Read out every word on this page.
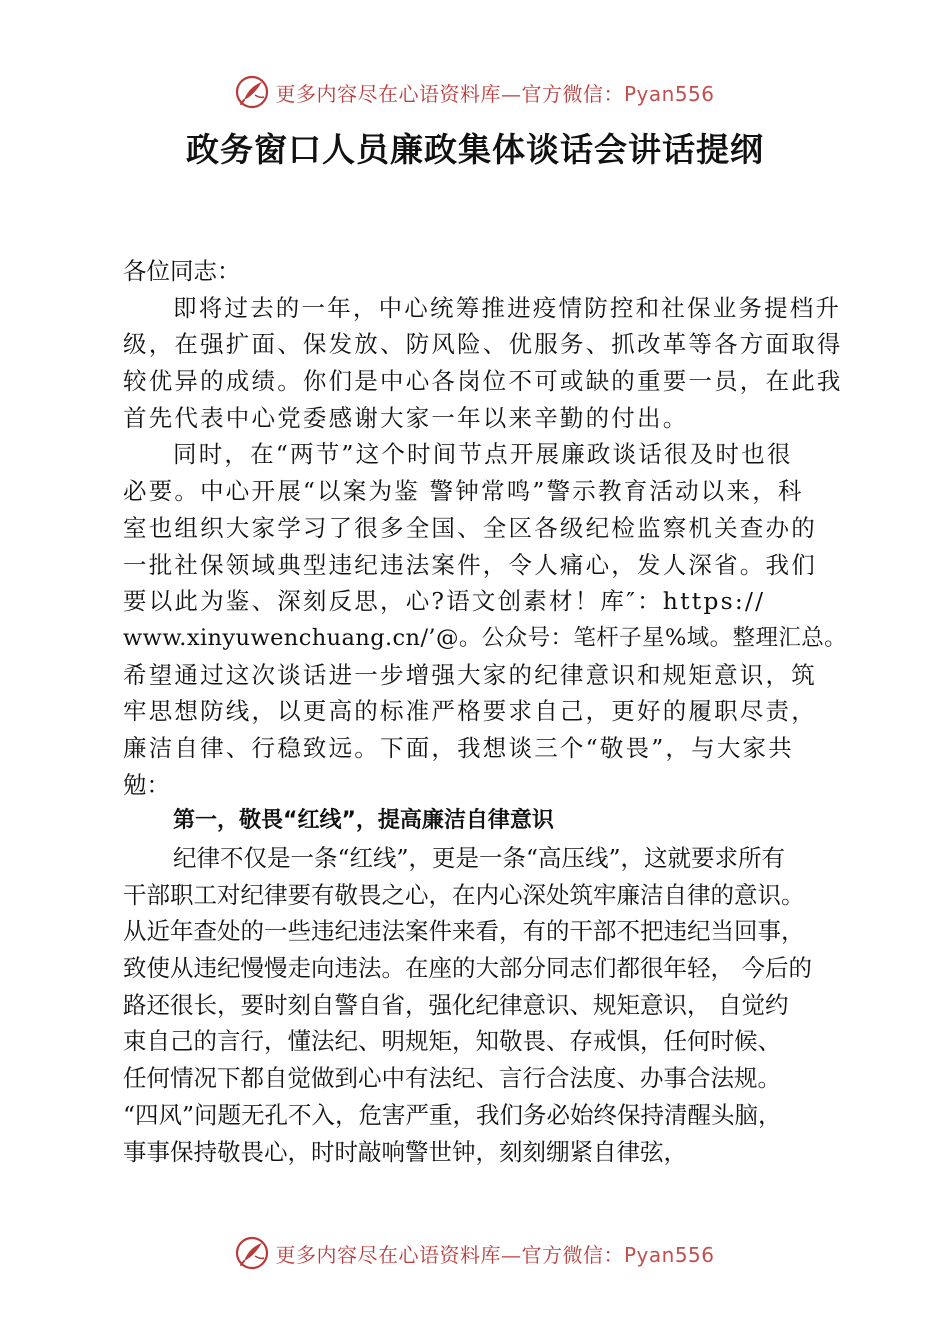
更多内容尽在心语资料库—官方微信：Pyan556
政务窗口人员廉政集体谈话会讲话提纲
各位同志：
即将过去的一年，中心统筹推进疫情防控和社保业务提档升
级，在强扩面、保发放、防风险、优服务、抓改革等各方面取得
较优异的成绩。你们是中心各岗位不可或缺的重要一员，在此我
首先代表中心党委感谢大家一年以来辛勤的付出。
同时，在“两节”这个时间节点开展廉政谈话很及时也很
必要。中心开展“以案为鉴 警钟常鸣”警示教育活动以来，科
室也组织大家学习了很多全国、全区各级纪检监察机关查办的
一批社保领域典型违纪违法案件，令人痛心，发人深省。我们
要以此为鉴、深刻反思，心?语文创素材！库″：https://
www.xinyuwenchuang.cn/’@。公众号：笔杆子星%域。整理汇总。
希望通过这次谈话进一步增强大家的纪律意识和规矩意识，筑
牢思想防线，以更高的标准严格要求自己，更好的履职尽责，
廉洁自律、行稳致远。下面，我想谈三个“敬畏”，与大家共
勉：
第一，敬畏“红线”，提高廉洁自律意识
纪律不仅是一条“红线”，更是一条“高压线”，这就要求所有
干部职工对纪律要有敬畏之心，在内心深处筑牢廉洁自律的意识。
从近年查处的一些违纪违法案件来看，有的干部不把违纪当回事，
致使从违纪慢慢走向违法。在座的大部分同志们都很年轻， 今后的
路还很长，要时刻自警自省，强化纪律意识、规矩意识， 自觉约
束自己的言行，懂法纪、明规矩，知敬畏、存戒惧，任何时候、
任何情况下都自觉做到心中有法纪、言行合法度、办事合法规。
“四风”问题无孔不入，危害严重，我们务必始终保持清醒头脑，
事事保持敬畏心，时时敲响警世钟，刻刻绷紧自律弦，
更多内容尽在心语资料库—官方微信：Pyan556
